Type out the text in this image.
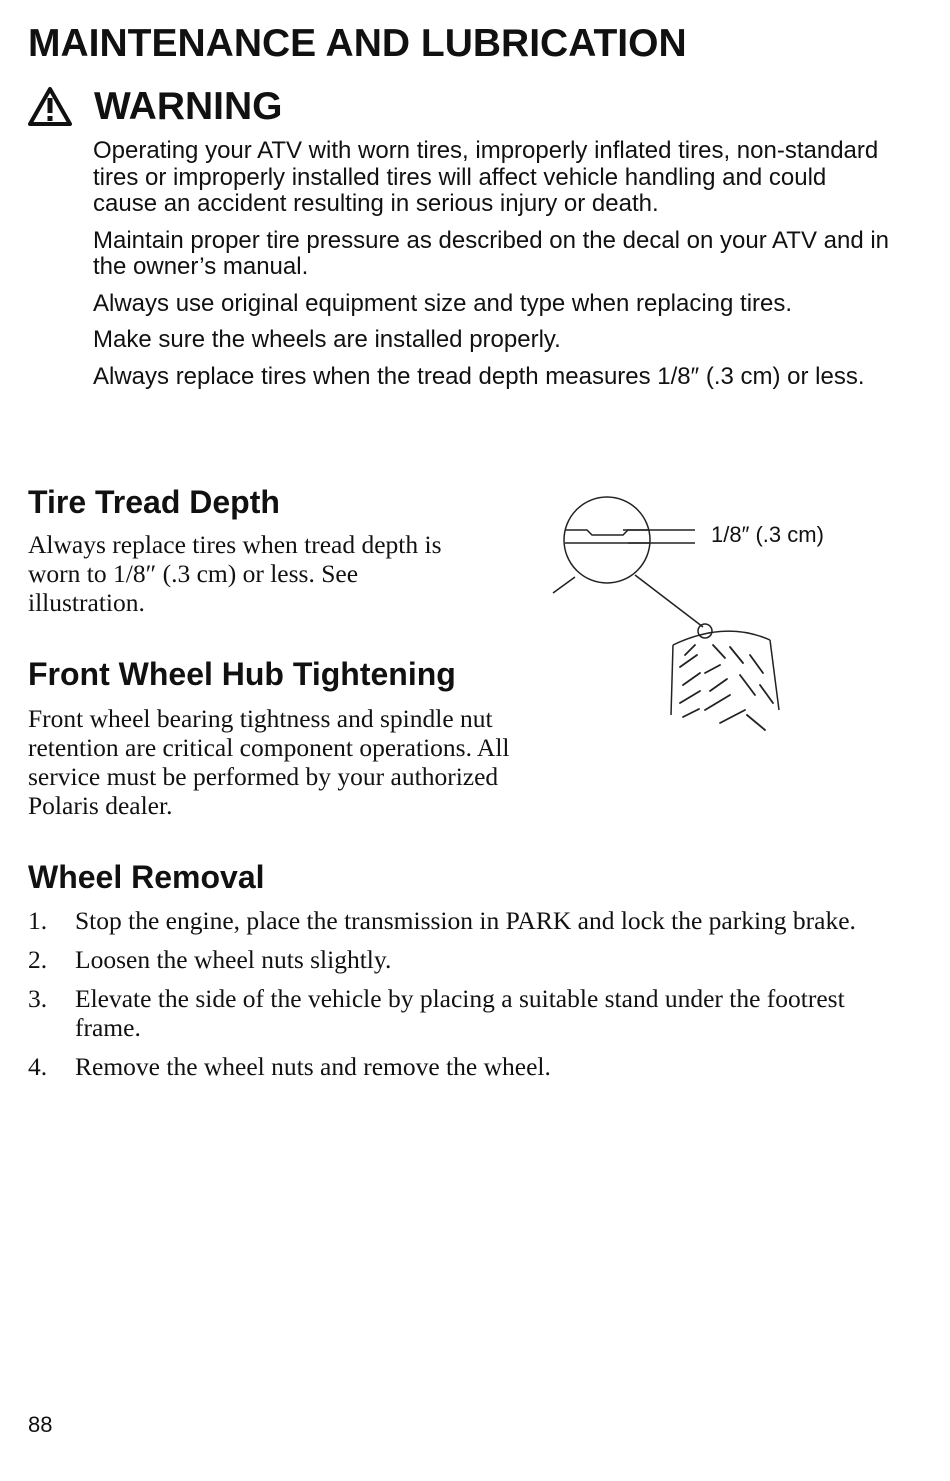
MAINTENANCE AND LUBRICATION
WARNING

Operating your ATV with worn tires, improperly inflated tires, non-standard tires or improperly installed tires will affect vehicle handling and could cause an accident resulting in serious injury or death.

Maintain proper tire pressure as described on the decal on your ATV and in the owner’s manual.

Always use original equipment size and type when replacing tires.

Make sure the wheels are installed properly.

Always replace tires when the tread depth measures 1/8″ (.3 cm) or less.

Tire Tread Depth

Always replace tires when tread depth is worn to 1/8″ (.3 cm) or less. See illustration.

1/8″ (.3 cm)
Front Wheel Hub Tightening

Front wheel bearing tightness and spindle nut retention are critical component operations. All service must be performed by your authorized Polaris dealer.

Wheel Removal
1.	Stop the engine, place the transmission in PARK and lock the parking brake.
2.	Loosen the wheel nuts slightly.
3.	Elevate the side of the vehicle by placing a suitable stand under the footrest frame.
4.	Remove the wheel nuts and remove the wheel.
88
